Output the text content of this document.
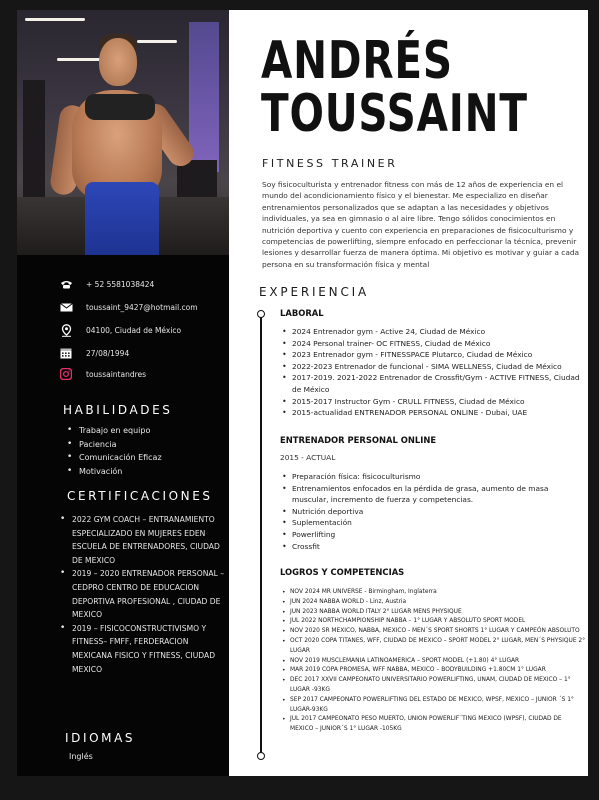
+ 52 5581038424
toussaint_9427@hotmail.com
04100, Ciudad de México
27/08/1994
toussaintandres
HABILIDADES
• Trabajo en equipo
• Paciencia
• Comunicación Eficaz
• Motivación
CERTIFICACIONES
• 2022 GYM COACH – ENTRANAMIENTO ESPECIALIZADO EN MUJERES EDEN ESCUELA DE ENTRENADORES, CIUDAD DE MEXICO
• 2019 – 2020 ENTRENADOR PERSONAL – CEDPRO CENTRO DE EDUCACION DEPORTIVA PROFESIONAL , CIUDAD DE MEXICO
• 2019 – FISICOCONSTRUCTIVISMO Y FITNESS– FMFF, FERDERACION MEXICANA FISICO Y FITNESS, CIUDAD MEXICO
IDIOMAS
Inglés
ANDRÉS
TOUSSAINT
FITNESS TRAINER
Soy fisicoculturista y entrenador fitness con más de 12 años de experiencia en el mundo del acondicionamiento físico y el bienestar. Me especializo en diseñar entrenamientos personalizados que se adaptan a las necesidades y objetivos individuales, ya sea en gimnasio o al aire libre. Tengo sólidos conocimientos en nutrición deportiva y cuento con experiencia en preparaciones de fisicoculturismo y competencias de powerlifting, siempre enfocado en perfeccionar la técnica, prevenir lesiones y desarrollar fuerza de manera óptima. Mi objetivo es motivar y guiar a cada persona en su transformación física y mental
EXPERIENCIA
LABORAL
• 2024 Entrenador gym - Active 24, Ciudad de México
• 2024 Personal trainer- OC FITNESS, Ciudad de México
• 2023 Entrenador gym - FITNESSPACE Plutarco, Ciudad de México
• 2022-2023 Entrenador de funcional - SIMA WELLNESS, Ciudad de México
• 2017-2019. 2021-2022 Entrenador de Crossfit/Gym - ACTIVE FITNESS, Ciudad de México
• 2015-2017 Instructor Gym - CRULL FITNESS, Ciudad de México
• 2015-actualidad ENTRENADOR PERSONAL ONLINE - Dubai, UAE
ENTRENADOR PERSONAL ONLINE
2015 - ACTUAL
• Preparación física: fisicoculturismo
• Entrenamientos enfocados en la pérdida de grasa, aumento de masa muscular, incremento de fuerza y competencias.
• Nutrición deportiva
• Suplementación
• Powerlifting
• Crossfit
LOGROS Y COMPETENCIAS
• NOV 2024 MR UNIVERSE - Birmingham, Inglaterra
• JUN 2024 NABBA WORLD - Linz, Austria
• JUN 2023 NABBA WORLD ITALY 2° LUGAR MENS PHYSIQUE
• JUL 2022 NORTHCHAMPIONSHIP NABBA – 1° LUGAR Y ABSOLUTO SPORT MODEL
• NOV 2020 SR MEXICO, NABBA, MEXICO - MEN´S SPORT SHORTS 1° LUGAR Y CAMPEÓN ABSOLUTO
• OCT 2020 COPA TITANES, WFF, CIUDAD DE MEXICO – SPORT MODEL 2° LUGAR, MEN´S PHYSIQUE 2° LUGAR
• NOV 2019 MUSCLEMANIA LATINOAMERICA – SPORT MODEL (+1.80) 4° LUGAR
• MAR 2019 COPA PROMESA, WFF NABBA, MEXICO – BODYBUILDING +1.80CM 1° LUGAR
• DEC 2017 XXVII CAMPEONATO UNIVERSITARIO POWERLIFTING, UNAM, CIUDAD DE MEXICO – 1° LUGAR -93KG
• SEP 2017 CAMPEONATO POWERLIFTING DEL ESTADO DE MEXICO, WPSF, MEXICO – JUNIOR ´S 1° LUGAR-93KG
• JUL 2017 CAMPEONATO PESO MUERTO, UNION POWERLIF¨TING MEXICO (WPSF), CIUDAD DE MEXICO – JUNIOR´S 1° LUGAR -105KG
